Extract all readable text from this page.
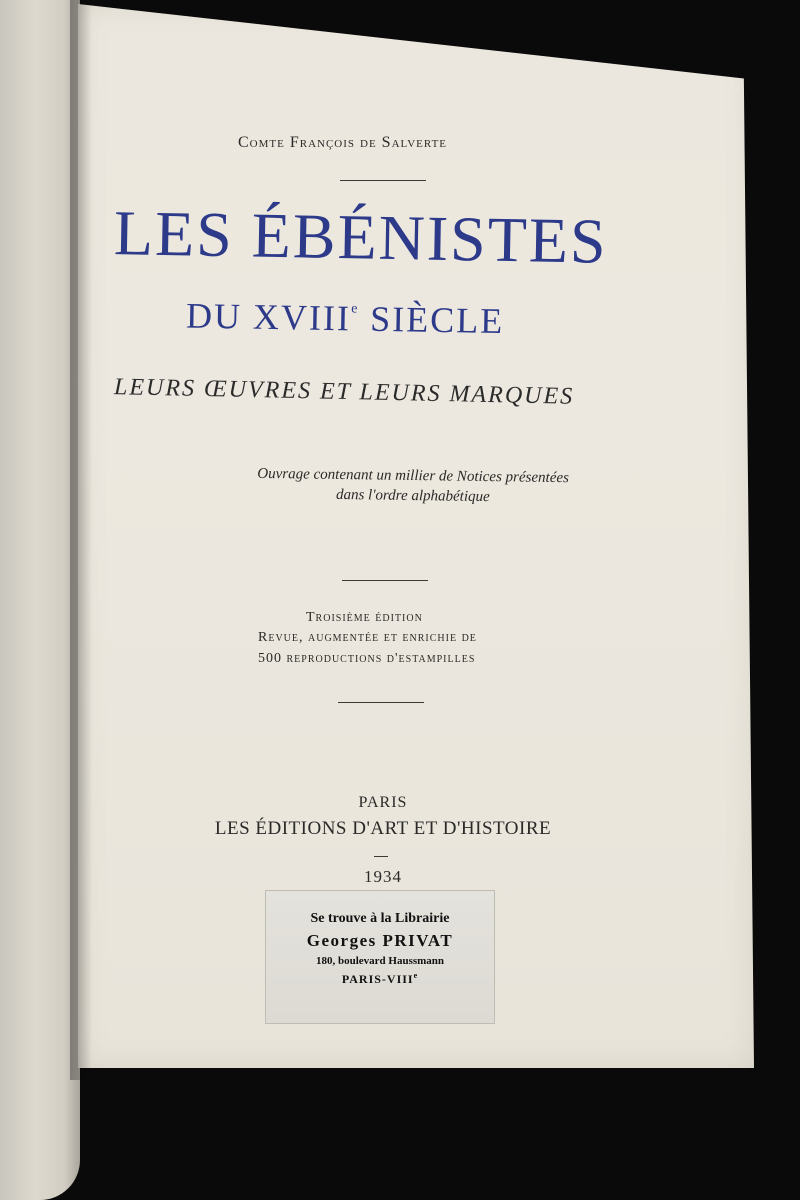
Comte François de Salverte
LES ÉBÉNISTES
DU XVIIIe SIÈCLE
LEURS ŒUVRES ET LEURS MARQUES
Ouvrage contenant un millier de Notices présentées
dans l'ordre alphabétique
Troisième édition
Revue, augmentée et enrichie de
500 reproductions d'estampilles
PARIS
LES ÉDITIONS D'ART ET D'HISTOIRE
1934
Se trouve à la Librairie
Georges PRIVAT
180, boulevard Haussmann
PARIS-VIIIe
